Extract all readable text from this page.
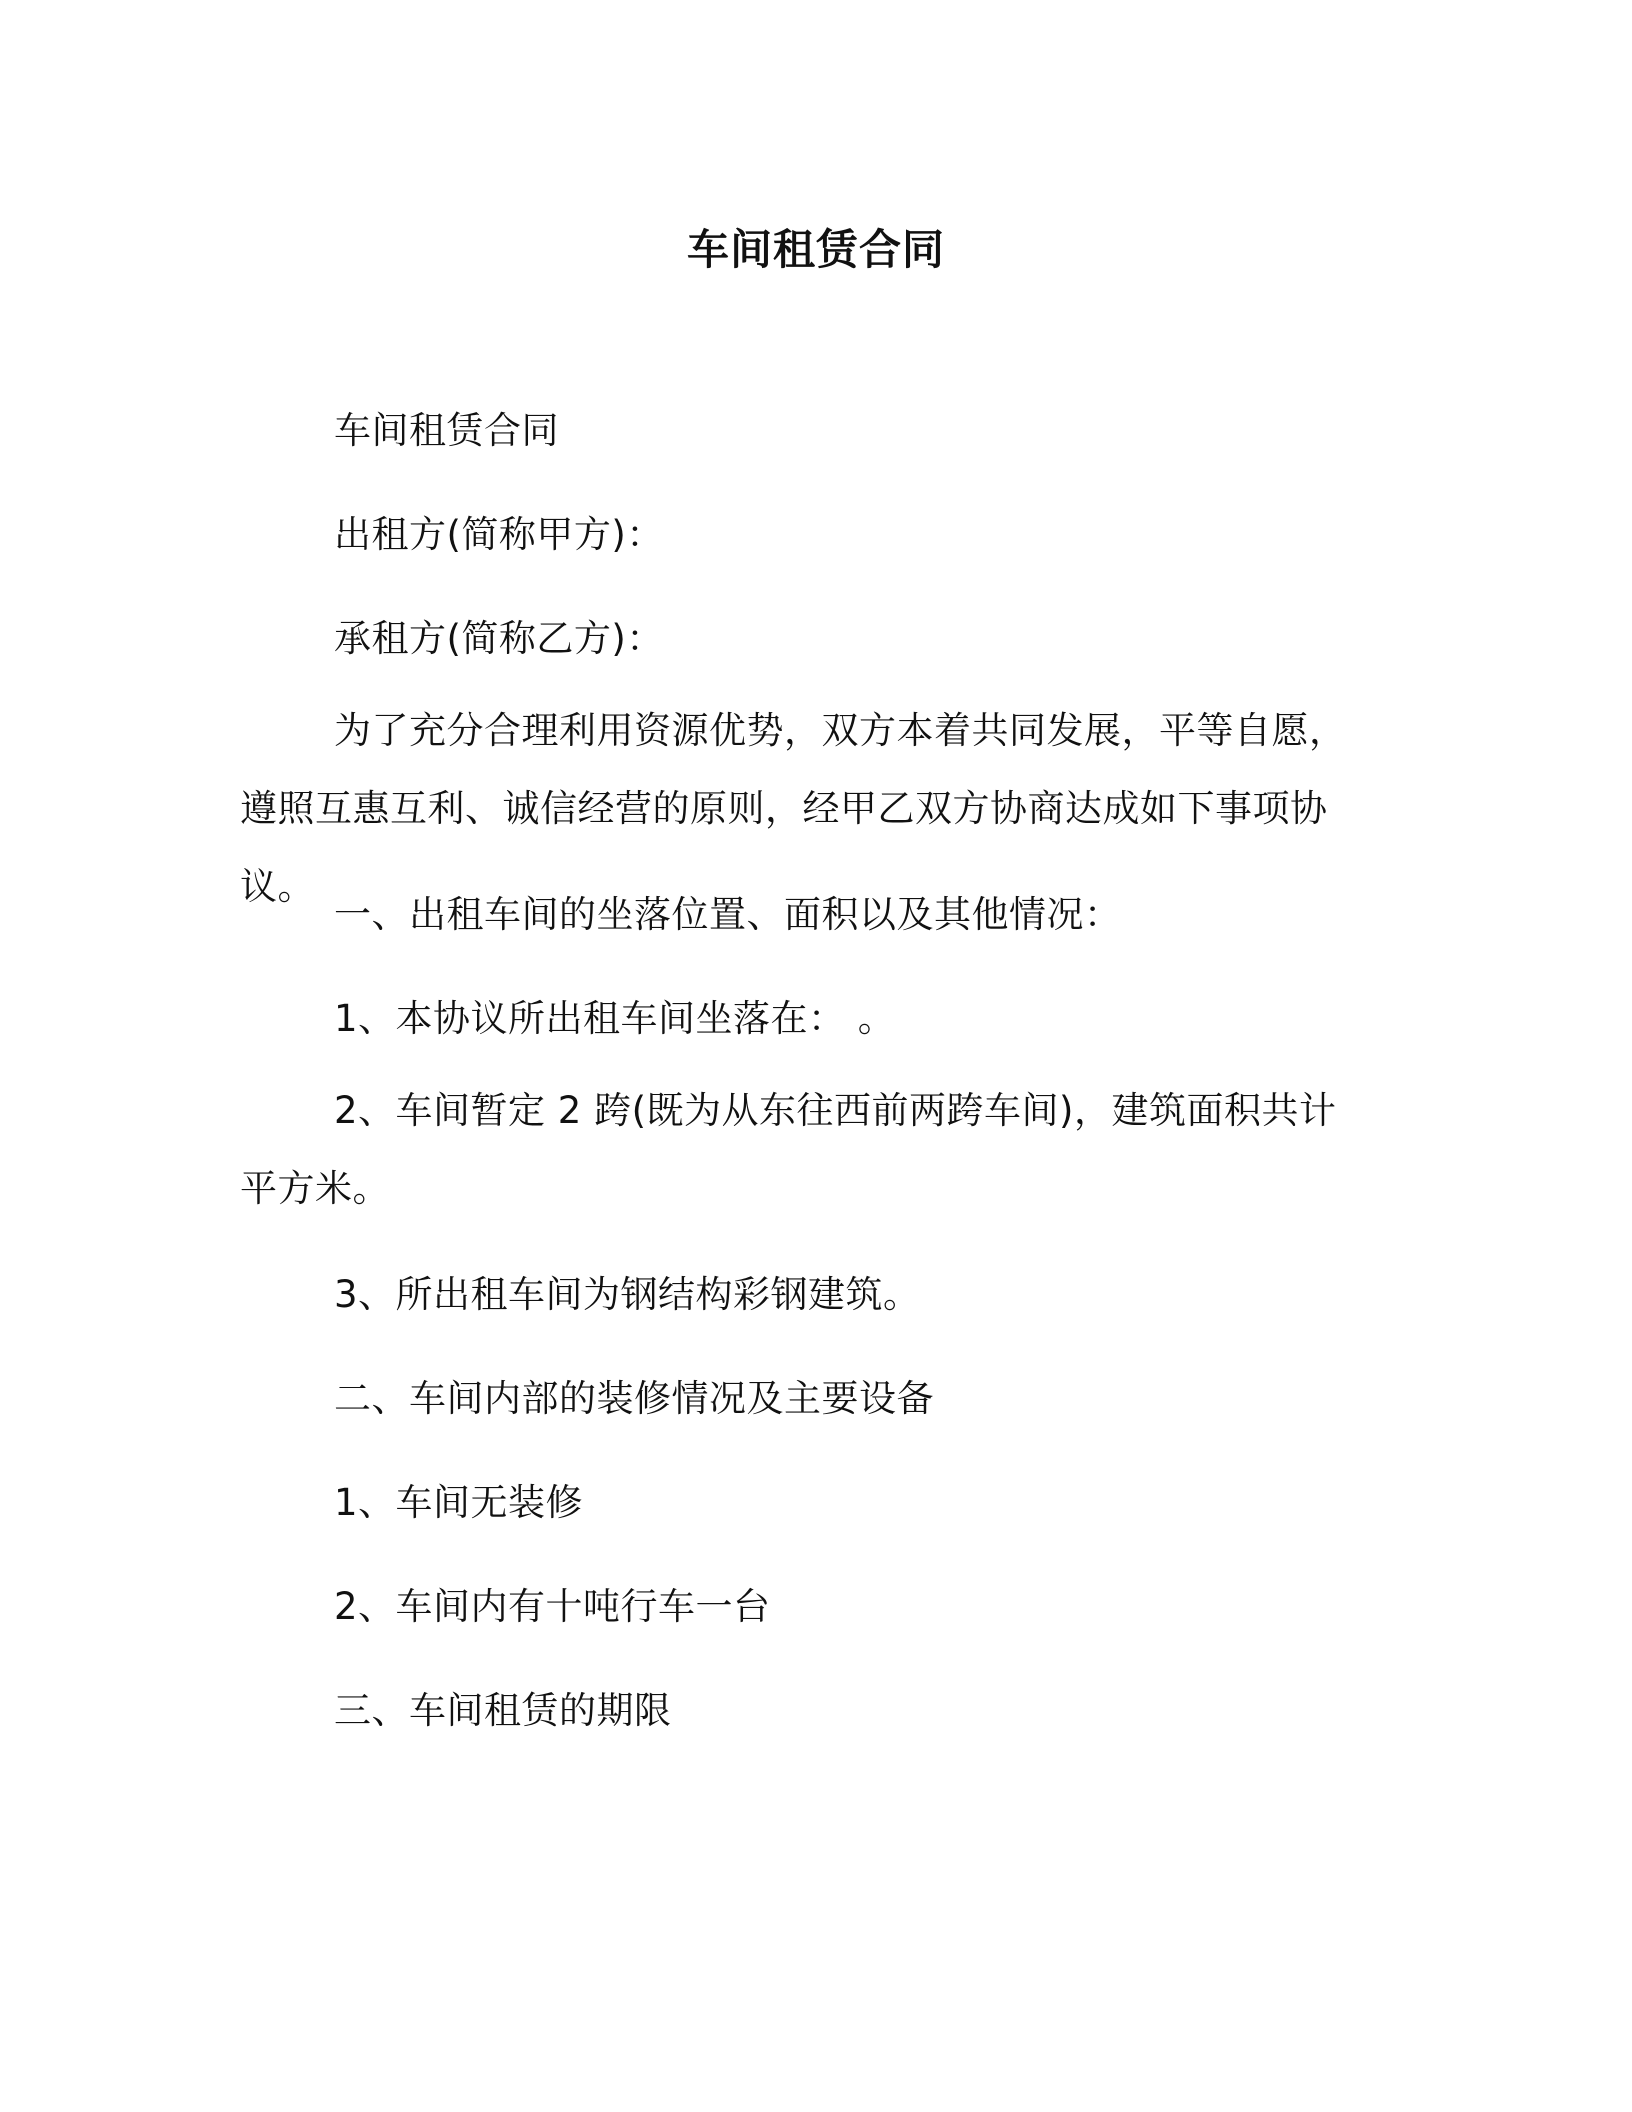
车间租赁合同

车间租赁合同

出租方(简称甲方)：

承租方(简称乙方)：

为了充分合理利用资源优势，双方本着共同发展，平等自愿，遵照互惠互利、诚信经营的原则，经甲乙双方协商达成如下事项协议。

一、出租车间的坐落位置、面积以及其他情况：

1、本协议所出租车间坐落在： 。

2、车间暂定 2 跨(既为从东往西前两跨车间)，建筑面积共计 平方米。

3、所出租车间为钢结构彩钢建筑。

二、车间内部的装修情况及主要设备

1、车间无装修

2、车间内有十吨行车一台

三、车间租赁的期限
